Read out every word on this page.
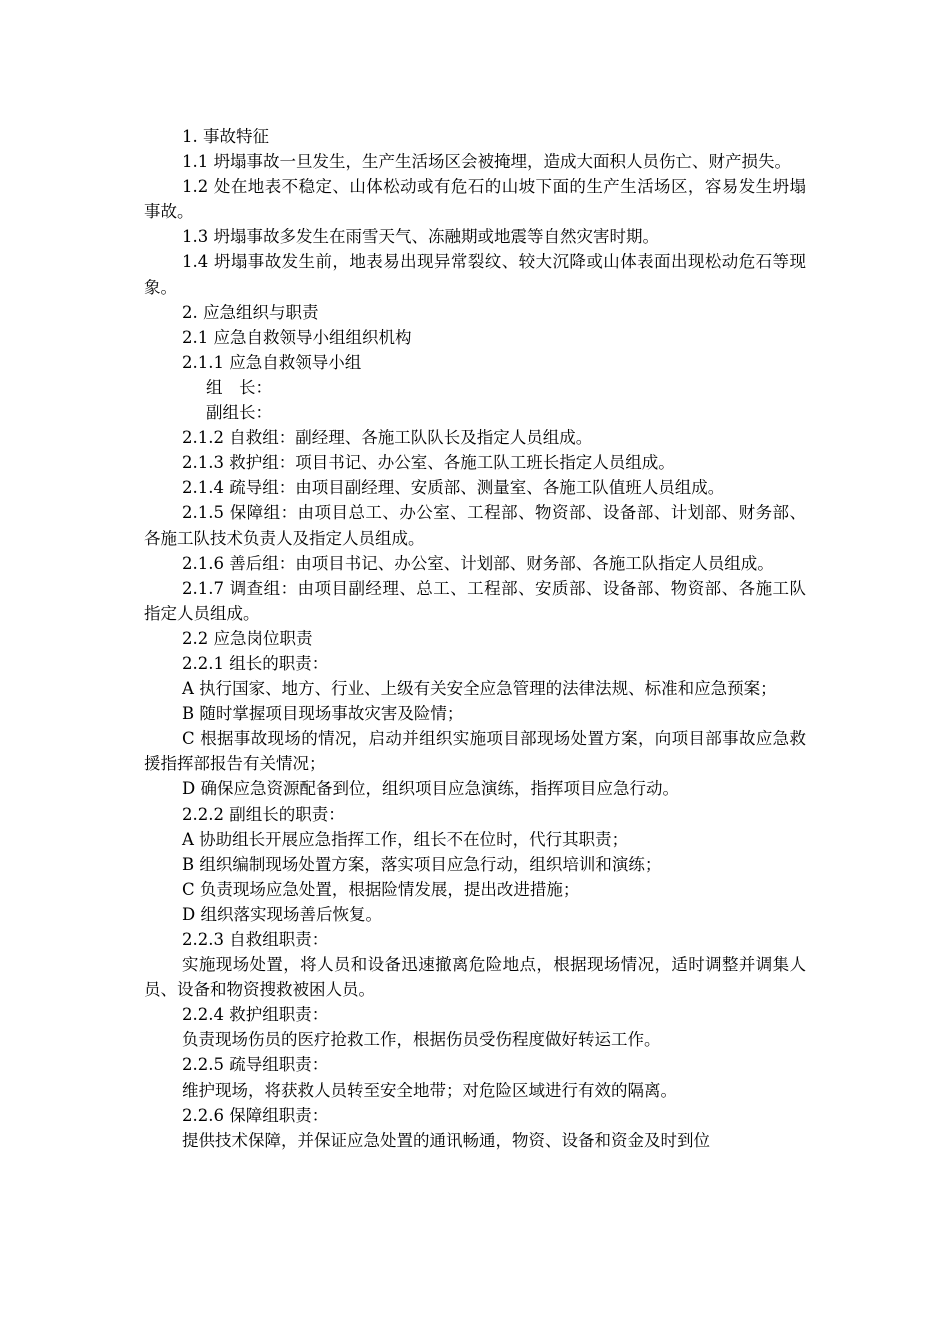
1. 事故特征

1.1 坍塌事故一旦发生，生产生活场区会被掩埋，造成大面积人员伤亡、财产损失。

1.2 处在地表不稳定、山体松动或有危石的山坡下面的生产生活场区，容易发生坍塌事故。

1.3 坍塌事故多发生在雨雪天气、冻融期或地震等自然灾害时期。

1.4 坍塌事故发生前，地表易出现异常裂纹、较大沉降或山体表面出现松动危石等现象。

2. 应急组织与职责

2.1 应急自救领导小组组织机构

2.1.1 应急自救领导小组

组　长：

副组长：

2.1.2 自救组：副经理、各施工队队长及指定人员组成。

2.1.3 救护组：项目书记、办公室、各施工队工班长指定人员组成。

2.1.4 疏导组：由项目副经理、安质部、测量室、各施工队值班人员组成。

2.1.5 保障组：由项目总工、办公室、工程部、物资部、设备部、计划部、财务部、各施工队技术负责人及指定人员组成。

2.1.6 善后组：由项目书记、办公室、计划部、财务部、各施工队指定人员组成。

2.1.7 调查组：由项目副经理、总工、工程部、安质部、设备部、物资部、各施工队指定人员组成。

2.2 应急岗位职责

2.2.1 组长的职责：

A 执行国家、地方、行业、上级有关安全应急管理的法律法规、标准和应急预案；

B 随时掌握项目现场事故灾害及险情；

C 根据事故现场的情况，启动并组织实施项目部现场处置方案，向项目部事故应急救援指挥部报告有关情况；

D 确保应急资源配备到位，组织项目应急演练，指挥项目应急行动。

2.2.2 副组长的职责：

A 协助组长开展应急指挥工作，组长不在位时，代行其职责；

B 组织编制现场处置方案，落实项目应急行动，组织培训和演练；

C 负责现场应急处置，根据险情发展，提出改进措施；

D 组织落实现场善后恢复。

2.2.3 自救组职责：

实施现场处置，将人员和设备迅速撤离危险地点，根据现场情况，适时调整并调集人员、设备和物资搜救被困人员。

2.2.4 救护组职责：

负责现场伤员的医疗抢救工作，根据伤员受伤程度做好转运工作。

2.2.5 疏导组职责：

维护现场，将获救人员转至安全地带；对危险区域进行有效的隔离。

2.2.6 保障组职责：

提供技术保障，并保证应急处置的通讯畅通，物资、设备和资金及时到位
